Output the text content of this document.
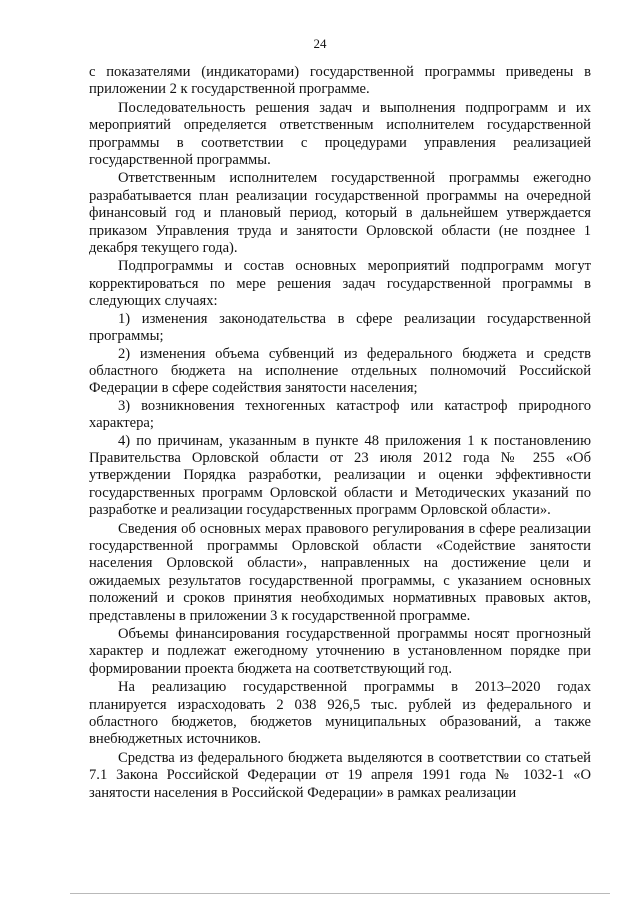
24

с показателями (индикаторами) государственной программы приведены в приложении 2 к государственной программе.

Последовательность решения задач и выполнения подпрограмм и их мероприятий определяется ответственным исполнителем государственной программы в соответствии с процедурами управления реализацией государственной программы.

Ответственным исполнителем государственной программы ежегодно разрабатывается план реализации государственной программы на очередной финансовый год и плановый период, который в дальнейшем утверждается приказом Управления труда и занятости Орловской области (не позднее 1 декабря текущего года).

Подпрограммы и состав основных мероприятий подпрограмм могут корректироваться по мере решения задач государственной программы в следующих случаях:

1) изменения законодательства в сфере реализации государственной программы;

2) изменения объема субвенций из федерального бюджета и средств областного бюджета на исполнение отдельных полномочий Российской Федерации в сфере содействия занятости населения;

3) возникновения техногенных катастроф или катастроф природного характера;

4) по причинам, указанным в пункте 48 приложения 1 к постановлению Правительства Орловской области от 23 июля 2012 года № 255 «Об утверждении Порядка разработки, реализации и оценки эффективности государственных программ Орловской области и Методических указаний по разработке и реализации государственных программ Орловской области».

Сведения об основных мерах правового регулирования в сфере реализации государственной программы Орловской области «Содействие занятости населения Орловской области», направленных на достижение цели и ожидаемых результатов государственной программы, с указанием основных положений и сроков принятия необходимых нормативных правовых актов, представлены в приложении 3 к государственной программе.

Объемы финансирования государственной программы носят прогнозный характер и подлежат ежегодному уточнению в установленном порядке при формировании проекта бюджета на соответствующий год.

На реализацию государственной программы в 2013–2020 годах планируется израсходовать 2 038 926,5 тыс. рублей из федерального и областного бюджетов, бюджетов муниципальных образований, а также внебюджетных источников.

Средства из федерального бюджета выделяются в соответствии со статьей 7.1 Закона Российской Федерации от 19 апреля 1991 года № 1032-1 «О занятости населения в Российской Федерации» в рамках реализации
